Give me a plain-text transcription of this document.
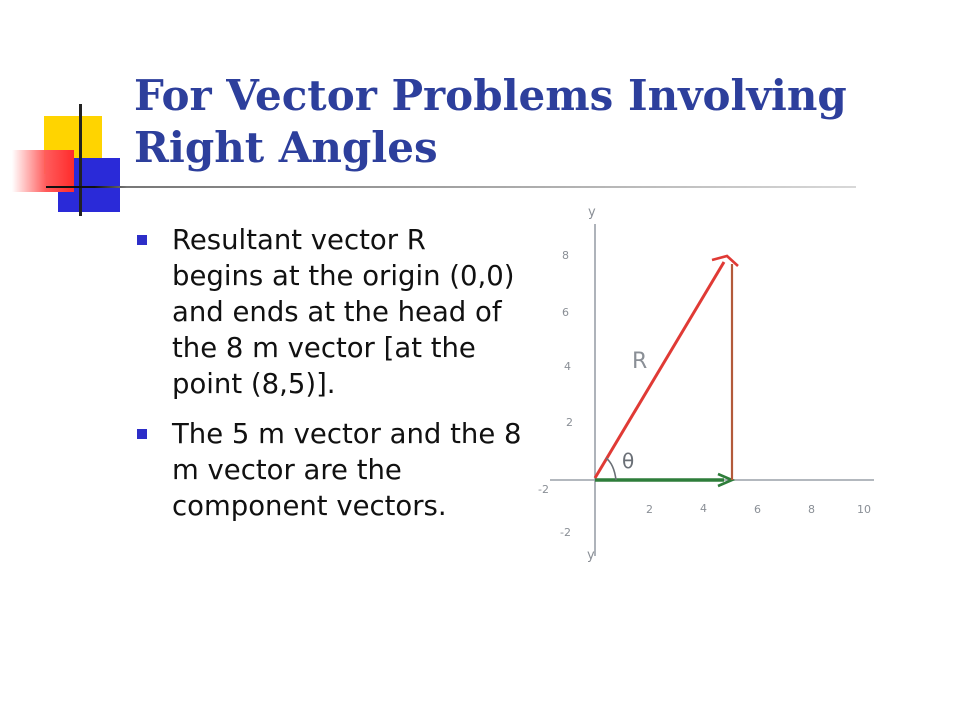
For Vector Problems Involving Right Angles
Resultant vector R begins at the origin (0,0) and ends at the head of the 8 m vector [at the point (8,5)].
The 5 m vector and the 8 m vector are the component vectors.
y
y
8
6
4
2
-2
-2
2	4	6	8	10
R
θ
